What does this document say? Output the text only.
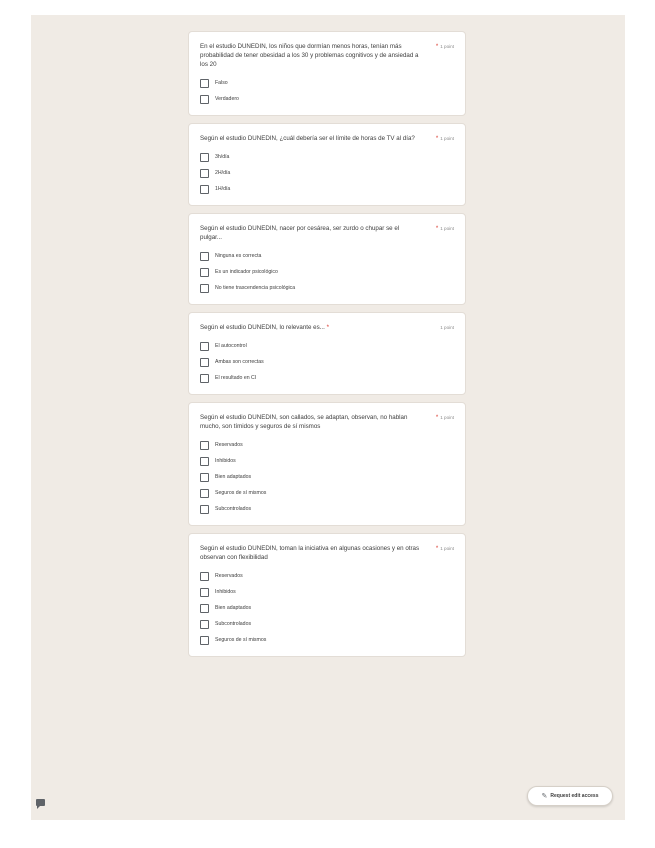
En el estudio DUNEDIN, los niños que dormían menos horas, tenían más probabilidad de tener obesidad a los 30 y problemas cognitivos y de ansiedad a los 20
* 1 point
Falso
Verdadero
Según el estudio DUNEDIN, ¿cuál debería ser el límite de horas de TV al día?	* 1 point
3h/día
2H/día
1H/día
Según el estudio DUNEDIN, nacer por cesárea, ser zurdo o chupar se el pulgar...
* 1 point
Ninguna es correcta
Es un indicador psicológico
No tiene trascendencia psicológica
Según el estudio DUNEDIN, lo relevante es... *	1 point
El autocontrol
Ambas son correctas
El resultado en CI
Según el estudio DUNEDIN, son callados, se adaptan, observan, no hablan mucho, son tímidos y seguros de sí mismos
* 1 point
Reservados
Inhibidos
Bien adaptados
Seguros de sí mismos
Subcontrolados
Según el estudio DUNEDIN, toman la iniciativa en algunas ocasiones y en otras observan con flexibilidad
* 1 point
Reservados
Inhibidos
Bien adaptados
Subcontrolados
Seguros de sí mismos
✎ Request edit access
